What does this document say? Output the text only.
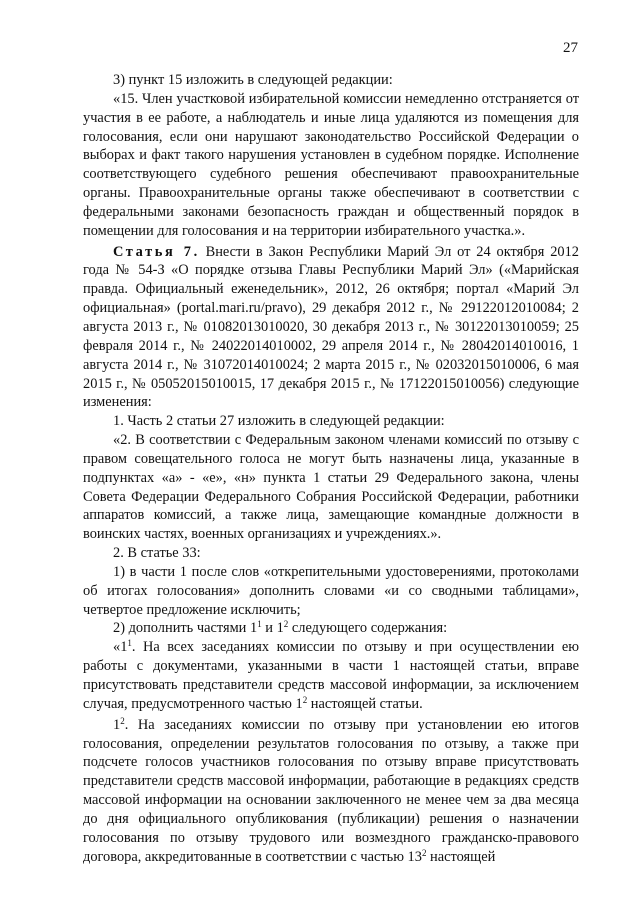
27

3) пункт 15 изложить в следующей редакции:

«15. Член участковой избирательной комиссии немедленно отстраняется от участия в ее работе, а наблюдатель и иные лица удаляются из помещения для голосования, если они нарушают законодательство Российской Федерации о выборах и факт такого нарушения установлен в судебном порядке. Исполнение соответствующего судебного решения обеспечивают правоохранительные органы. Правоохранительные органы также обеспечивают в соответствии с федеральными законами безопасность граждан и общественный порядок в помещении для голосования и на территории избирательного участка.».

Статья 7. Внести в Закон Республики Марий Эл от 24 октября 2012 года № 54-З «О порядке отзыва Главы Республики Марий Эл» («Марийская правда. Официальный еженедельник», 2012, 26 октября; портал «Марий Эл официальная» (portal.mari.ru/pravo), 29 декабря 2012 г., № 29122012010084; 2 августа 2013 г., № 01082013010020, 30 декабря 2013 г., № 30122013010059; 25 февраля 2014 г., № 24022014010002, 29 апреля 2014 г., № 28042014010016, 1 августа 2014 г., № 31072014010024; 2 марта 2015 г., № 02032015010006, 6 мая 2015 г., № 05052015010015, 17 декабря 2015 г., № 17122015010056) следующие изменения:

1. Часть 2 статьи 27 изложить в следующей редакции:

«2. В соответствии с Федеральным законом членами комиссий по отзыву с правом совещательного голоса не могут быть назначены лица, указанные в подпунктах «а» - «е», «н» пункта 1 статьи 29 Федерального закона, члены Совета Федерации Федерального Собрания Российской Федерации, работники аппаратов комиссий, а также лица, замещающие командные должности в воинских частях, военных организациях и учреждениях.».

2. В статье 33:

1) в части 1 после слов «открепительными удостоверениями, протоколами об итогах голосования» дополнить словами «и со сводными таблицами», четвертое предложение исключить;

2) дополнить частями $1^1$ и $1^2$ следующего содержания:

«$1^1$. На всех заседаниях комиссии по отзыву и при осуществлении ею работы с документами, указанными в части 1 настоящей статьи, вправе присутствовать представители средств массовой информации, за исключением случая, предусмотренного частью $1^2$ настоящей статьи.

$1^2$. На заседаниях комиссии по отзыву при установлении ею итогов голосования, определении результатов голосования по отзыву, а также при подсчете голосов участников голосования по отзыву вправе присутствовать представители средств массовой информации, работающие в редакциях средств массовой информации на основании заключенного не менее чем за два месяца до дня официального опубликования (публикации) решения о назначении голосования по отзыву трудового или возмездного гражданско-правового договора, аккредитованные в соответствии с частью $13^2$ настоящей
